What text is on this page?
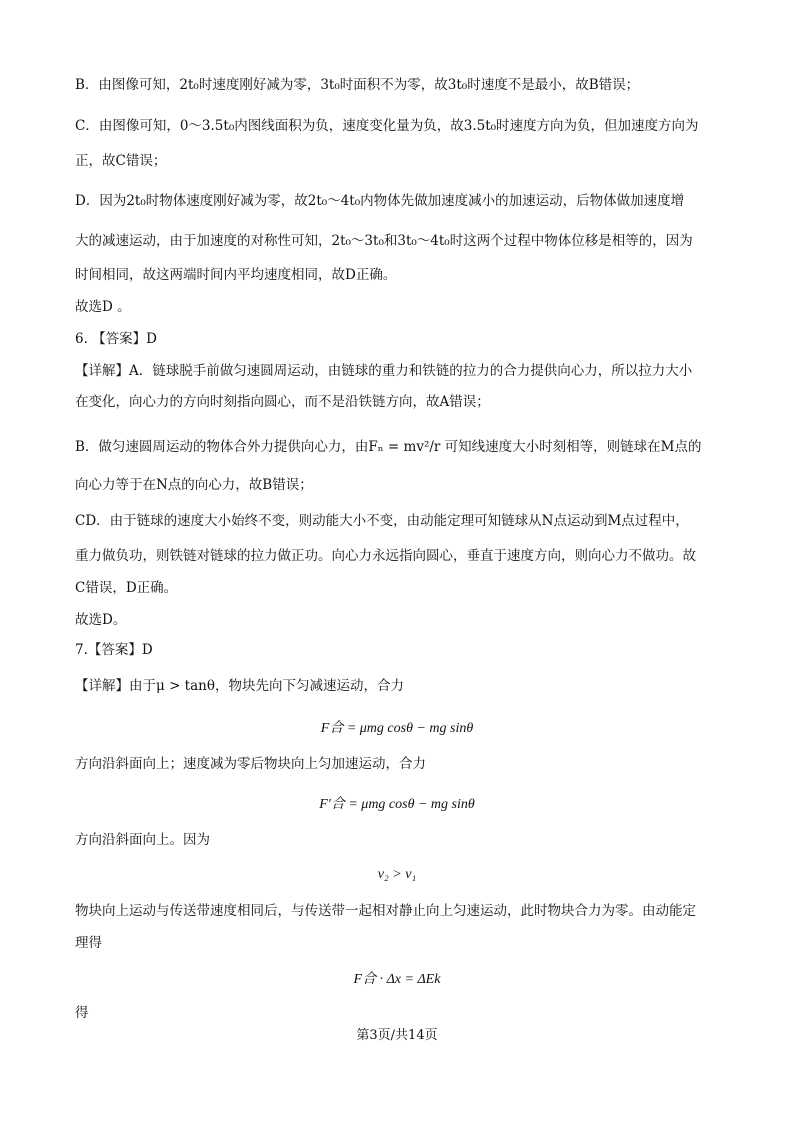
B．由图像可知，2t₀时速度刚好减为零，3t₀时面积不为零，故3t₀时速度不是最小，故B错误；
C．由图像可知，0～3.5t₀内图线面积为负，速度变化量为负，故3.5t₀时速度方向为负，但加速度方向为
正，故C错误；
D．因为2t₀时物体速度刚好减为零，故2t₀～4t₀内物体先做加速度减小的加速运动，后物体做加速度增
大的减速运动，由于加速度的对称性可知，2t₀～3t₀和3t₀～4t₀时这两个过程中物体位移是相等的，因为
时间相同，故这两端时间内平均速度相同，故D正确。
故选D 。
6. 【答案】D
【详解】A．链球脱手前做匀速圆周运动，由链球的重力和铁链的拉力的合力提供向心力，所以拉力大小
在变化，向心力的方向时刻指向圆心，而不是沿铁链方向，故A错误；
B．做匀速圆周运动的物体合外力提供向心力，由Fₙ = mv²/r 可知线速度大小时刻相等，则链球在M点的
向心力等于在N点的向心力，故B错误；
CD．由于链球的速度大小始终不变，则动能大小不变，由动能定理可知链球从N点运动到M点过程中，
重力做负功，则铁链对链球的拉力做正功。向心力永远指向圆心，垂直于速度方向，则向心力不做功。故
C错误，D正确。
故选D。
7.【答案】D
【详解】由于μ > tanθ，物块先向下匀减速运动，合力
F合 = μmg cosθ − mg sinθ
方向沿斜面向上；速度减为零后物块向上匀加速运动，合力
F′合 = μmg cosθ − mg sinθ
方向沿斜面向上。因为
v₂ > v₁
物块向上运动与传送带速度相同后，与传送带一起相对静止向上匀速运动，此时物块合力为零。由动能定
理得
F合 · Δx = ΔEk
得
第3页/共14页
